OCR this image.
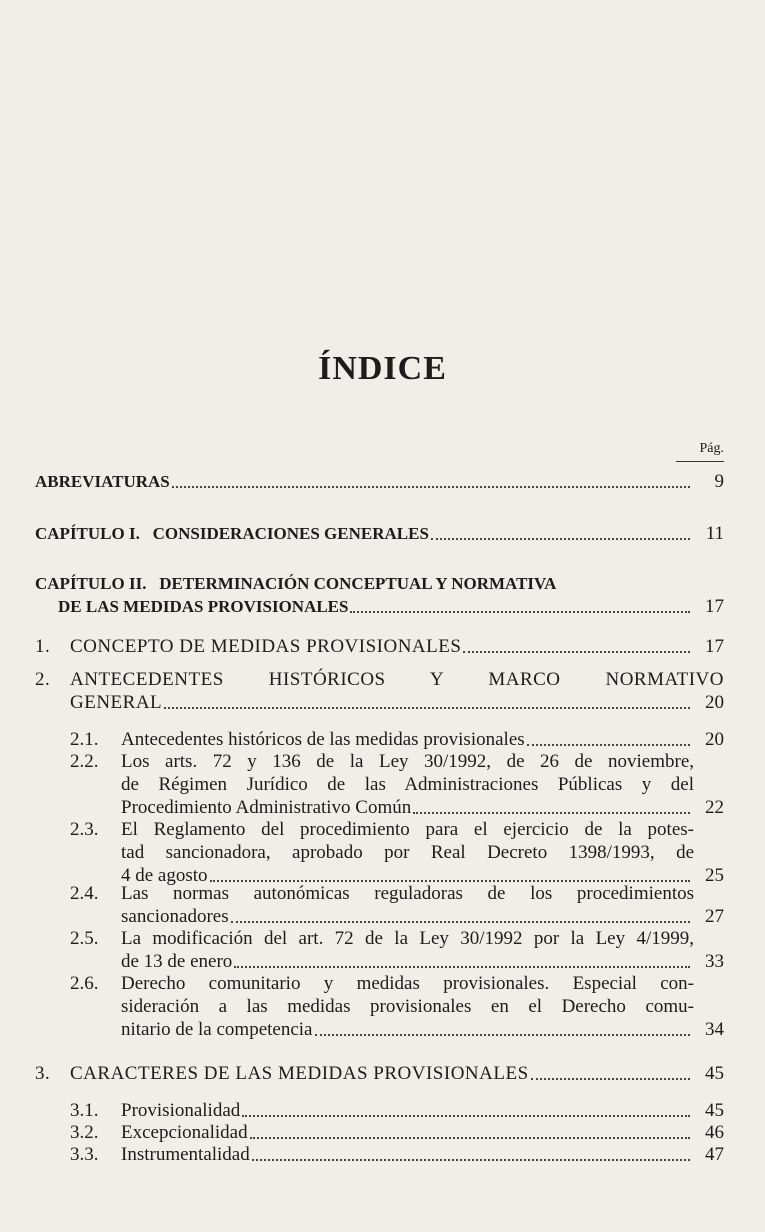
ÍNDICE
Pág.
ABREVIATURAS	9
CAPÍTULO I.   CONSIDERACIONES GENERALES	11
CAPÍTULO II.   DETERMINACIÓN CONCEPTUAL Y NORMATIVA
DE LAS MEDIDAS PROVISIONALES	17
1. CONCEPTO DE MEDIDAS PROVISIONALES	17
2. ANTECEDENTES HISTÓRICOS Y MARCO NORMATIVO
GENERAL	20
2.1. Antecedentes históricos de las medidas provisionales	20
2.2. Los arts. 72 y 136 de la Ley 30/1992, de 26 de noviembre,
de Régimen Jurídico de las Administraciones Públicas y del
Procedimiento Administrativo Común	22
2.3. El Reglamento del procedimiento para el ejercicio de la potes-
tad sancionadora, aprobado por Real Decreto 1398/1993, de
4 de agosto	25
2.4. Las normas autonómicas reguladoras de los procedimientos
sancionadores	27
2.5. La modificación del art. 72 de la Ley 30/1992 por la Ley 4/1999,
de 13 de enero	33
2.6. Derecho comunitario y medidas provisionales. Especial con-
sideración a las medidas provisionales en el Derecho comu-
nitario de la competencia	34
3. CARACTERES DE LAS MEDIDAS PROVISIONALES	45
3.1. Provisionalidad	45
3.2. Excepcionalidad	46
3.3. Instrumentalidad	47
